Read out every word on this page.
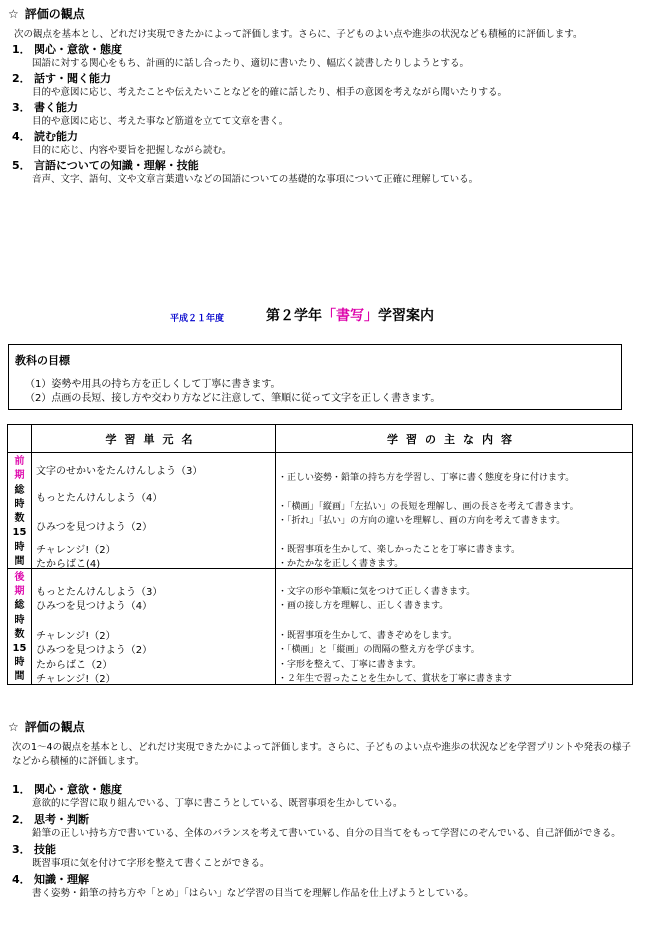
☆ 評価の観点
次の観点を基本とし、どれだけ実現できたかによって評価します。さらに、子どものよい点や進歩の状況なども積極的に評価します。
1． 関心・意欲・態度
国語に対する関心をもち、計画的に話し合ったり、適切に書いたり、幅広く読書したりしようとする。
2． 話す・聞く能力
目的や意図に応じ、考えたことや伝えたいことなどを的確に話したり、相手の意図を考えながら聞いたりする。
3． 書く能力
目的や意図に応じ、考えた事など筋道を立てて文章を書く。
4． 読む能力
目的に応じ、内容や要旨を把握しながら読む。
5． 言語についての知識・理解・技能
音声、文字、語句、文や文章言葉遣いなどの国語についての基礎的な事項について正確に理解している。
平成２１年度	第２学年「書写」学習案内
教科の目標
（1）姿勢や用具の持ち方を正しくして丁寧に書きます。
（2）点画の長短、接し方や交わり方などに注意して、筆順に従って文字を正しく書きます。
学習単元名	学習の主な内容
前
期
総
時
数
15
時
間
文字のせかいをたんけんしよう（3）
もっとたんけんしよう（4）
ひみつを見つけよう（2）
チャレンジ!（2）
たからばこ(4)
・正しい姿勢・鉛筆の持ち方を学習し、丁寧に書く態度を身に付けます。
・「横画」「縦画」「左払い」の長短を理解し、画の長さを考えて書きます。
・「折れ」「払い」の方向の違いを理解し、画の方向を考えて書きます。
・既習事項を生かして、楽しかったことを丁寧に書きます。
・かたかなを正しく書きます。
後
期
総
時
数
15
時
間
もっとたんけんしよう（3）
ひみつを見つけよう（4）
チャレンジ!（2）
ひみつを見つけよう（2）
たからばこ（2）
チャレンジ!（2）
・文字の形や筆順に気をつけて正しく書きます。
・画の接し方を理解し、正しく書きます。
・既習事項を生かして、書きぞめをします。
・「横画」と「縦画」の間隔の整え方を学びます。
・字形を整えて、丁寧に書きます。
・２年生で習ったことを生かして、賞状を丁寧に書きます
☆ 評価の観点
次の1～4の観点を基本とし、どれだけ実現できたかによって評価します。さらに、子どものよい点や進歩の状況などを学習プリントや発表の様子などから積極的に評価します。
1． 関心・意欲・態度
意欲的に学習に取り組んでいる、丁寧に書こうとしている、既習事項を生かしている。
2． 思考・判断
鉛筆の正しい持ち方で書いている、全体のバランスを考えて書いている、自分の目当てをもって学習にのぞんでいる、自己評価ができる。
3． 技能
既習事項に気を付けて字形を整えて書くことができる。
4． 知識・理解
書く姿勢・鉛筆の持ち方や「とめ」「はらい」など学習の目当てを理解し作品を仕上げようとしている。
